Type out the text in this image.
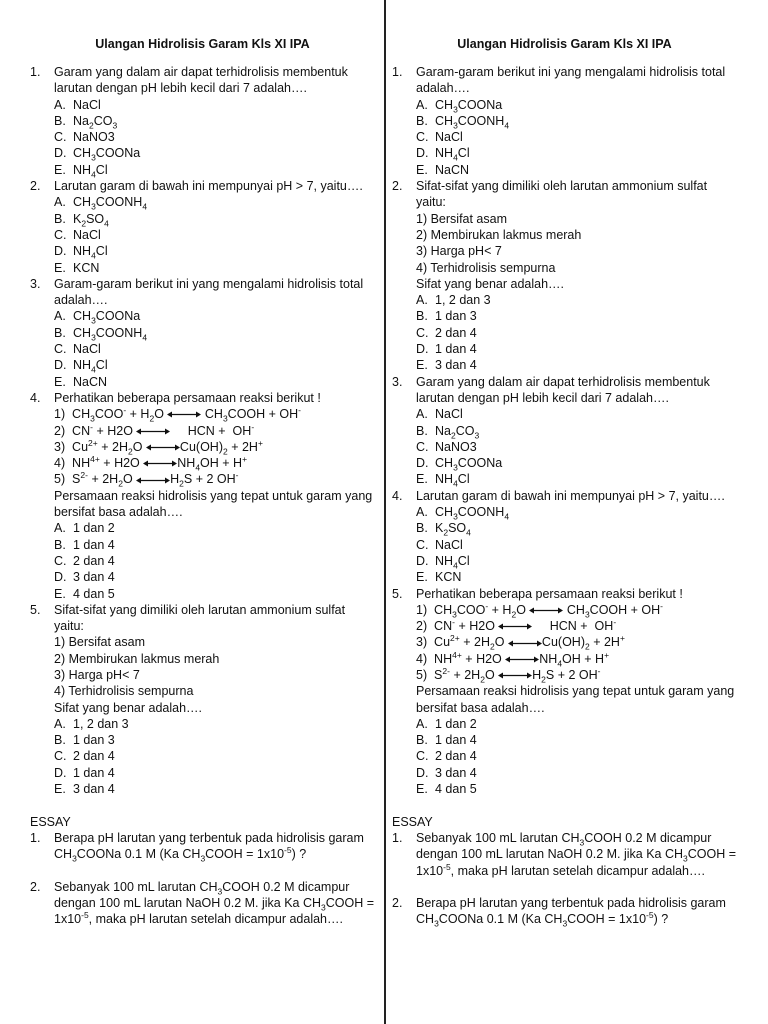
Ulangan Hidrolisis Garam Kls XI IPA
1.	Garam yang dalam air dapat terhidrolisis membentuk larutan dengan pH lebih kecil dari 7 adalah….
A. NaCl
B. $Na_2CO_3$
C. NaNO3
D. $CH_3COONa$
E. $NH_4Cl$
2.	Larutan garam di bawah ini mempunyai pH > 7, yaitu….
A. $CH_3COONH_4$
B. $K_2SO_4$
C. NaCl
D. $NH_4Cl$
E. KCN
3.	Garam-garam berikut ini yang mengalami hidrolisis total adalah….
A. $CH_3COONa$
B. $CH_3COONH_4$
C. NaCl
D. $NH_4Cl$
E. NaCN
4.	Perhatikan beberapa persamaan reaksi berikut !
1)  $CH_3COO^- + H_2O$	$CH_3COOH + OH^-$
2)  CN- + H2O	HCN +  OH-
3)  $Cu^{2+} + 2H_2O$	$Cu(OH)_2 + 2H^+$
4)  $NH^{4+} + H2O$	$NH_4OH + H^+$
5)  $S^{2-} + 2H_2O$	$H_2S + 2$ OH-
Persamaan reaksi hidrolisis yang tepat untuk garam yang bersifat basa adalah….
A. 1 dan 2
B. 1 dan 4
C. 2 dan 4
D. 3 dan 4
E. 4 dan 5
5.	Sifat-sifat yang dimiliki oleh larutan ammonium sulfat yaitu:
1) Bersifat asam
2) Membirukan lakmus merah
3) Harga pH< 7
4) Terhidrolisis sempurna
Sifat yang benar adalah….
A. 1, 2 dan 3
B. 1 dan 3
C. 2 dan 4
D. 1 dan 4
E. 3 dan 4
ESSAY
1.	Berapa pH larutan yang terbentuk pada hidrolisis garam $CH_3COONa$ 0.1 M (Ka $CH_3COOH = 1x10^{-5}$) ?
2.	Sebanyak 100 mL larutan $CH_3COOH$ 0.2 M dicampur dengan 100 mL larutan NaOH 0.2 M. jika Ka $CH_3COOH = 1x10^{-5}$, maka pH larutan setelah dicampur adalah….
Ulangan Hidrolisis Garam Kls XI IPA
1.	Garam-garam berikut ini yang mengalami hidrolisis total adalah….
A. $CH_3COONa$
B. $CH_3COONH_4$
C. NaCl
D. $NH_4Cl$
E. NaCN
2.	Sifat-sifat yang dimiliki oleh larutan ammonium sulfat yaitu:
1) Bersifat asam
2) Membirukan lakmus merah
3) Harga pH< 7
4) Terhidrolisis sempurna
Sifat yang benar adalah….
A. 1, 2 dan 3
B. 1 dan 3
C. 2 dan 4
D. 1 dan 4
E. 3 dan 4
3.	Garam yang dalam air dapat terhidrolisis membentuk larutan dengan pH lebih kecil dari 7 adalah….
A. NaCl
B. $Na_2CO_3$
C. NaNO3
D. $CH_3COONa$
E. $NH_4Cl$
4.	Larutan garam di bawah ini mempunyai pH > 7, yaitu….
A. $CH_3COONH_4$
B. $K_2SO_4$
C. NaCl
D. $NH_4Cl$
E. KCN
5.	Perhatikan beberapa persamaan reaksi berikut !
1)  $CH_3COO^- + H_2O$	$CH_3COOH + OH^-$
2)  CN- + H2O	HCN +  OH-
3)  $Cu^{2+} + 2H_2O$	$Cu(OH)_2 + 2H^+$
4)  $NH^{4+} + H2O$	$NH_4OH + H^+$
5)  $S^{2-} + 2H_2O$	$H_2S + 2$ OH-
Persamaan reaksi hidrolisis yang tepat untuk garam yang bersifat basa adalah….
A. 1 dan 2
B. 1 dan 4
C. 2 dan 4
D. 3 dan 4
E. 4 dan 5
ESSAY
1.	Sebanyak 100 mL larutan $CH_3COOH$ 0.2 M dicampur dengan 100 mL larutan NaOH 0.2 M. jika Ka $CH_3COOH = 1x10^{-5}$, maka pH larutan setelah dicampur adalah….
2.	Berapa pH larutan yang terbentuk pada hidrolisis garam $CH_3COONa$ 0.1 M (Ka $CH_3COOH = 1x10^{-5}$) ?
